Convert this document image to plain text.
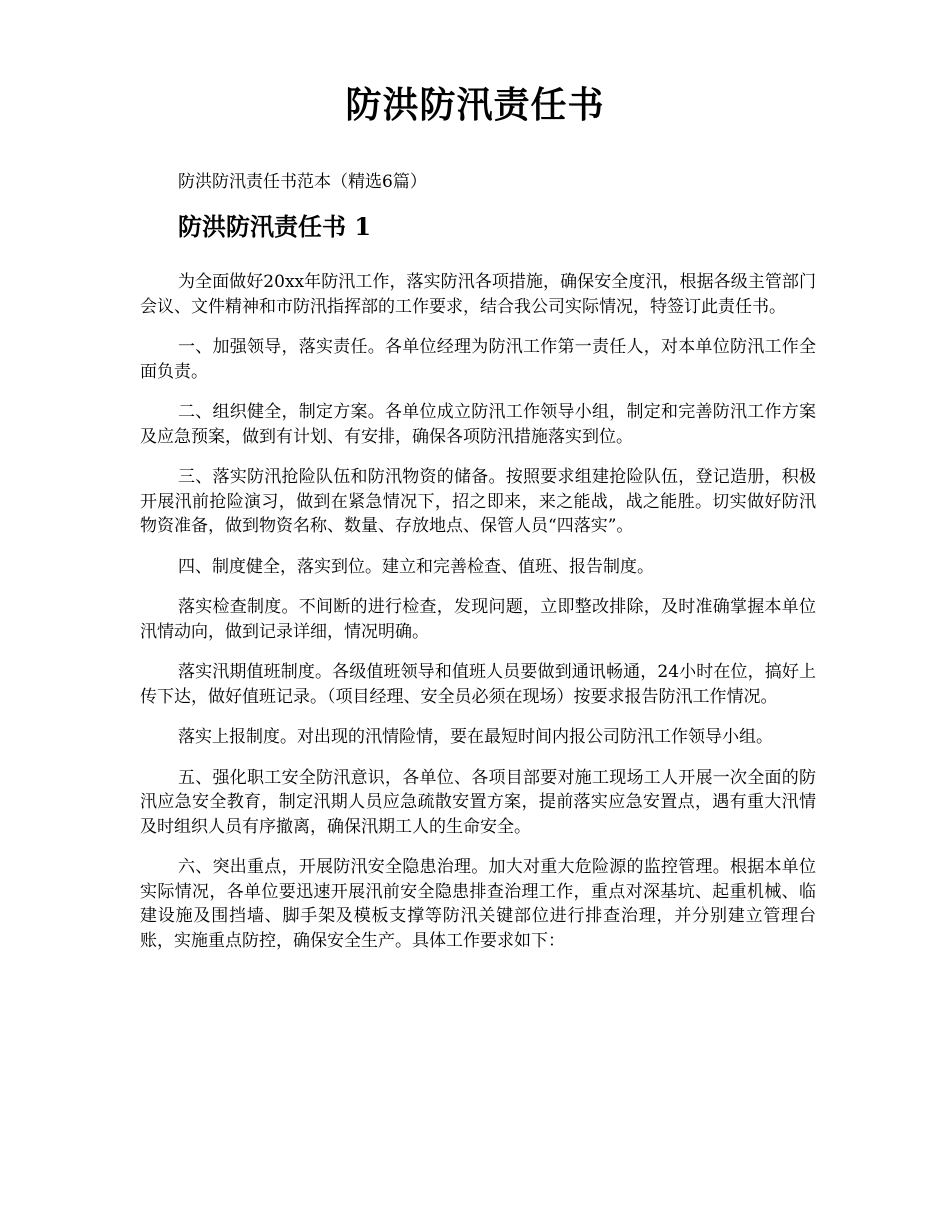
防洪防汛责任书

防洪防汛责任书范本（精选6篇）

防洪防汛责任书 1

为全面做好20xx年防汛工作，落实防汛各项措施，确保安全度汛，根据各级主管部门会议、文件精神和市防汛指挥部的工作要求，结合我公司实际情况，特签订此责任书。

一、加强领导，落实责任。各单位经理为防汛工作第一责任人，对本单位防汛工作全面负责。

二、组织健全，制定方案。各单位成立防汛工作领导小组，制定和完善防汛工作方案及应急预案，做到有计划、有安排，确保各项防汛措施落实到位。

三、落实防汛抢险队伍和防汛物资的储备。按照要求组建抢险队伍，登记造册，积极开展汛前抢险演习，做到在紧急情况下，招之即来，来之能战，战之能胜。切实做好防汛物资准备，做到物资名称、数量、存放地点、保管人员“四落实”。

四、制度健全，落实到位。建立和完善检查、值班、报告制度。

落实检查制度。不间断的进行检查，发现问题，立即整改排除，及时准确掌握本单位汛情动向，做到记录详细，情况明确。

落实汛期值班制度。各级值班领导和值班人员要做到通讯畅通，24小时在位，搞好上传下达，做好值班记录。（项目经理、安全员必须在现场）按要求报告防汛工作情况。

落实上报制度。对出现的汛情险情，要在最短时间内报公司防汛工作领导小组。

五、强化职工安全防汛意识，各单位、各项目部要对施工现场工人开展一次全面的防汛应急安全教育，制定汛期人员应急疏散安置方案，提前落实应急安置点，遇有重大汛情及时组织人员有序撤离，确保汛期工人的生命安全。

六、突出重点，开展防汛安全隐患治理。加大对重大危险源的监控管理。根据本单位实际情况，各单位要迅速开展汛前安全隐患排查治理工作，重点对深基坑、起重机械、临建设施及围挡墙、脚手架及模板支撑等防汛关键部位进行排查治理，并分别建立管理台账，实施重点防控，确保安全生产。具体工作要求如下：
